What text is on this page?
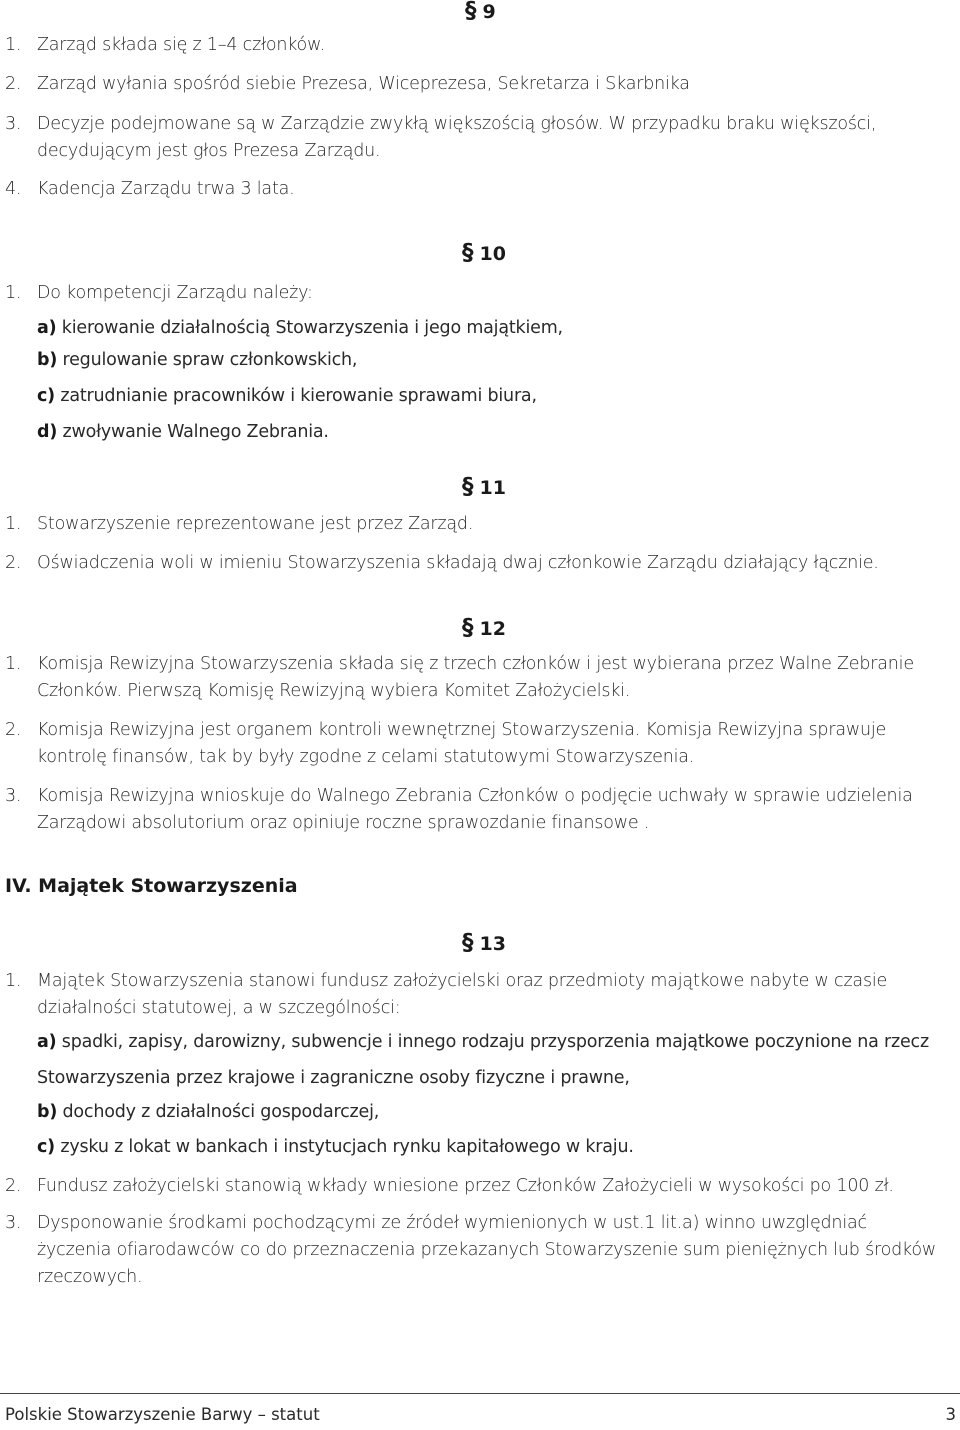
§ 9
1. Zarząd składa się z 1–4 członków.
2. Zarząd wyłania spośród siebie Prezesa, Wiceprezesa, Sekretarza i Skarbnika
3. Decyzje podejmowane są w Zarządzie zwykłą większością głosów. W przypadku braku większości, decydującym jest głos Prezesa Zarządu.
4. Kadencja Zarządu trwa 3 lata.
§ 10
1. Do kompetencji Zarządu należy:
a) kierowanie działalnością Stowarzyszenia i jego majątkiem,
b) regulowanie spraw członkowskich,
c) zatrudnianie pracowników i kierowanie sprawami biura,
d) zwoływanie Walnego Zebrania.
§ 11
1. Stowarzyszenie reprezentowane jest przez Zarząd.
2. Oświadczenia woli w imieniu Stowarzyszenia składają dwaj członkowie Zarządu działający łącznie.
§ 12
1. Komisja Rewizyjna Stowarzyszenia składa się z trzech członków i jest wybierana przez Walne Zebranie Członków. Pierwszą Komisję Rewizyjną wybiera Komitet Założycielski.
2. Komisja Rewizyjna jest organem kontroli wewnętrznej Stowarzyszenia. Komisja Rewizyjna sprawuje kontrolę finansów, tak by były zgodne z celami statutowymi Stowarzyszenia.
3. Komisja Rewizyjna wnioskuje do Walnego Zebrania Członków o podjęcie uchwały w sprawie udzielenia Zarządowi absolutorium oraz opiniuje roczne sprawozdanie finansowe .
IV. Majątek Stowarzyszenia
§ 13
1. Majątek Stowarzyszenia stanowi fundusz założycielski oraz przedmioty majątkowe nabyte w czasie działalności statutowej, a w szczególności:
a) spadki, zapisy, darowizny, subwencje i innego rodzaju przysporzenia majątkowe poczynione na rzecz
Stowarzyszenia przez krajowe i zagraniczne osoby fizyczne i prawne,
b) dochody z działalności gospodarczej,
c) zysku z lokat w bankach i instytucjach rynku kapitałowego w kraju.
2. Fundusz założycielski stanowią wkłady wniesione przez Członków Założycieli w wysokości po 100 zł.
3. Dysponowanie środkami pochodzącymi ze źródeł wymienionych w ust.1 lit.a) winno uwzględniać życzenia ofiarodawców co do przeznaczenia przekazanych Stowarzyszenie sum pieniężnych lub środków rzeczowych.
Polskie Stowarzyszenie Barwy – statut	3
